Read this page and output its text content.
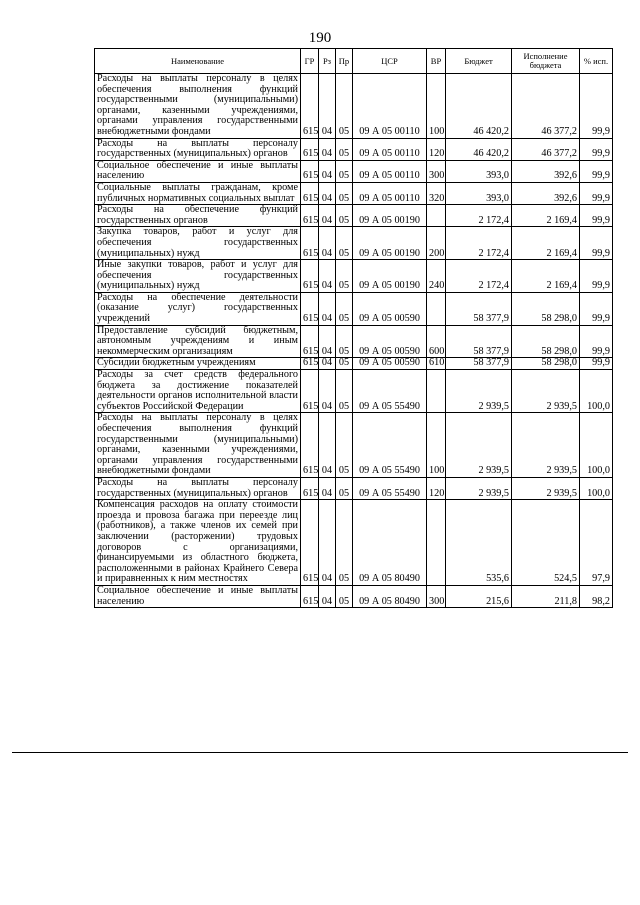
190
Наименование	ГР	Рз	Пр	ЦСР	ВР	Бюджет	Исполнение бюджета	% исп.
Расходы на выплаты персоналу в целях обеспечения выполнения функций государственными (муниципальными) органами, казенными учреждениями, органами управления государственными внебюджетными фондами	615	04	05	09 А 05 00110	100	46 420,2	46 377,2	99,9
Расходы на выплаты персоналу государственных (муниципальных) органов	615	04	05	09 А 05 00110	120	46 420,2	46 377,2	99,9
Социальное обеспечение и иные выплаты населению	615	04	05	09 А 05 00110	300	393,0	392,6	99,9
Социальные выплаты гражданам, кроме публичных нормативных социальных выплат	615	04	05	09 А 05 00110	320	393,0	392,6	99,9
Расходы на обеспечение функций государственных органов	615	04	05	09 А 05 00190		2 172,4	2 169,4	99,9
Закупка товаров, работ и услуг для обеспечения государственных (муниципальных) нужд	615	04	05	09 А 05 00190	200	2 172,4	2 169,4	99,9
Иные закупки товаров, работ и услуг для обеспечения государственных (муниципальных) нужд	615	04	05	09 А 05 00190	240	2 172,4	2 169,4	99,9
Расходы на обеспечение деятельности (оказание услуг) государственных учреждений	615	04	05	09 А 05 00590		58 377,9	58 298,0	99,9
Предоставление субсидий бюджетным, автономным учреждениям и иным некоммерческим организациям	615	04	05	09 А 05 00590	600	58 377,9	58 298,0	99,9
Субсидии бюджетным учреждениям	615	04	05	09 А 05 00590	610	58 377,9	58 298,0	99,9
Расходы за счет средств федерального бюджета за достижение показателей деятельности органов исполнительной власти субъектов Российской Федерации	615	04	05	09 А 05 55490		2 939,5	2 939,5	100,0
Расходы на выплаты персоналу в целях обеспечения выполнения функций государственными (муниципальными) органами, казенными учреждениями, органами управления государственными внебюджетными фондами	615	04	05	09 А 05 55490	100	2 939,5	2 939,5	100,0
Расходы на выплаты персоналу государственных (муниципальных) органов	615	04	05	09 А 05 55490	120	2 939,5	2 939,5	100,0
Компенсация расходов на оплату стоимости проезда и провоза багажа при переезде лиц (работников), а также членов их семей при заключении (расторжении) трудовых договоров с организациями, финансируемыми из областного бюджета, расположенными в районах Крайнего Севера и приравненных к ним местностях	615	04	05	09 А 05 80490		535,6	524,5	97,9
Социальное обеспечение и иные выплаты населению	615	04	05	09 А 05 80490	300	215,6	211,8	98,2
